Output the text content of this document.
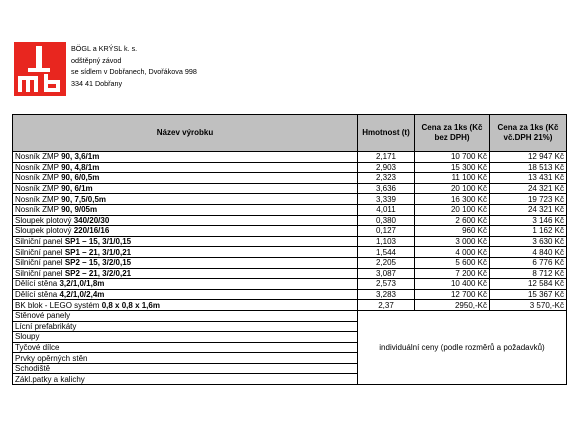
BÖGL a KRÝSL k. s.
odštěpný závod
se sídlem v Dobřanech, Dvořákova 998
334 41 Dobřany
Název výrobku	Hmotnost (t)	Cena za 1ks (Kč bez DPH)	Cena za 1ks (Kč vč.DPH 21%)
Nosník ZMP 90, 3,6/1m	2,171	10 700 Kč	12 947 Kč
Nosník ZMP 90, 4,8/1m	2,903	15 300 Kč	18 513 Kč
Nosník ZMP 90, 6/0,5m	2,323	11 100 Kč	13 431 Kč
Nosník ZMP 90, 6/1m	3,636	20 100 Kč	24 321 Kč
Nosník ZMP 90, 7,5/0,5m	3,339	16 300 Kč	19 723 Kč
Nosník ZMP 90, 9/05m	4,011	20 100 Kč	24 321 Kč
Sloupek plotový 340/20/30	0,380	2 600 Kč	3 146 Kč
Sloupek plotový 220/16/16	0,127	960 Kč	1 162 Kč
Silniční panel SP1 – 15, 3/1/0,15	1,103	3 000 Kč	3 630 Kč
Silniční panel SP1 – 21, 3/1/0,21	1,544	4 000 Kč	4 840 Kč
Silniční panel SP2 – 15, 3/2/0,15	2,205	5 600 Kč	6 776 Kč
Silniční panel SP2 – 21, 3/2/0,21	3,087	7 200 Kč	8 712 Kč
Dělící stěna 3,2/1,0/1,8m	2,573	10 400 Kč	12 584 Kč
Dělící stěna 4,2/1,0/2,4m	3,283	12 700 Kč	15 367 Kč
BK blok - LEGO systém 0,8 x 0,8 x 1,6m	2,37	2950,-Kč	3 570,-Kč
Stěnové panely	individuální ceny (podle rozměrů a požadavků)		
Lícní prefabrikáty			
Sloupy			
Tyčové dílce			
Prvky opěrných stěn			
Schodiště			
Zákl.patky a kalichy			
